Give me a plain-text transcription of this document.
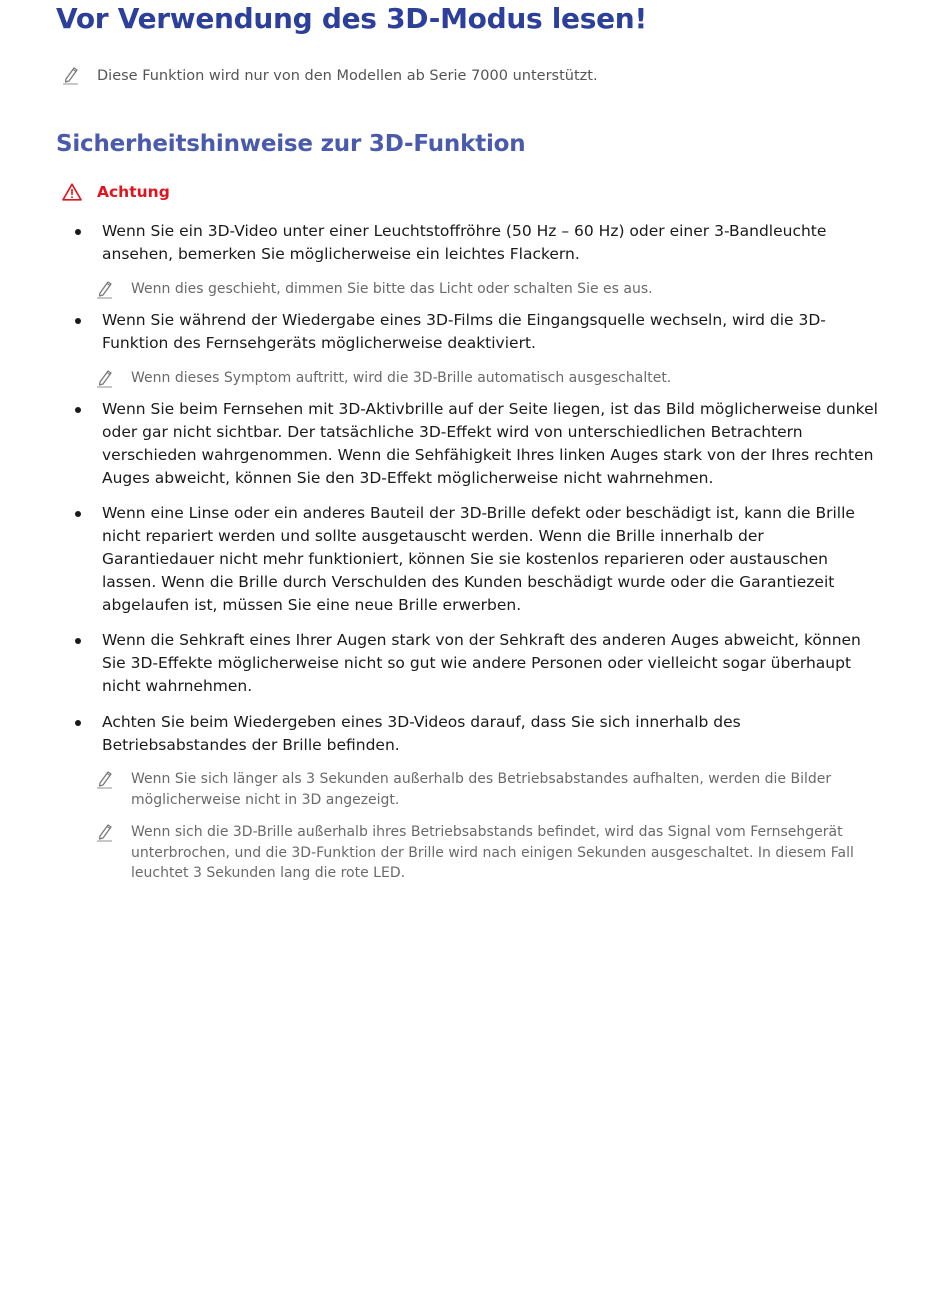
Vor Verwendung des 3D-Modus lesen!
Diese Funktion wird nur von den Modellen ab Serie 7000 unterstützt.
Sicherheitshinweise zur 3D-Funktion
Achtung
Wenn Sie ein 3D-Video unter einer Leuchtstoffröhre (50 Hz – 60 Hz) oder einer 3-Bandleuchte ansehen, bemerken Sie möglicherweise ein leichtes Flackern.
Wenn dies geschieht, dimmen Sie bitte das Licht oder schalten Sie es aus.
Wenn Sie während der Wiedergabe eines 3D-Films die Eingangsquelle wechseln, wird die 3D-Funktion des Fernsehgeräts möglicherweise deaktiviert.
Wenn dieses Symptom auftritt, wird die 3D-Brille automatisch ausgeschaltet.
Wenn Sie beim Fernsehen mit 3D-Aktivbrille auf der Seite liegen, ist das Bild möglicherweise dunkel oder gar nicht sichtbar. Der tatsächliche 3D-Effekt wird von unterschiedlichen Betrachtern verschieden wahrgenommen. Wenn die Sehfähigkeit Ihres linken Auges stark von der Ihres rechten Auges abweicht, können Sie den 3D-Effekt möglicherweise nicht wahrnehmen.
Wenn eine Linse oder ein anderes Bauteil der 3D-Brille defekt oder beschädigt ist, kann die Brille nicht repariert werden und sollte ausgetauscht werden. Wenn die Brille innerhalb der Garantiedauer nicht mehr funktioniert, können Sie sie kostenlos reparieren oder austauschen lassen. Wenn die Brille durch Verschulden des Kunden beschädigt wurde oder die Garantiezeit abgelaufen ist, müssen Sie eine neue Brille erwerben.
Wenn die Sehkraft eines Ihrer Augen stark von der Sehkraft des anderen Auges abweicht, können Sie 3D-Effekte möglicherweise nicht so gut wie andere Personen oder vielleicht sogar überhaupt nicht wahrnehmen.
Achten Sie beim Wiedergeben eines 3D-Videos darauf, dass Sie sich innerhalb des Betriebsabstandes der Brille befinden.
Wenn Sie sich länger als 3 Sekunden außerhalb des Betriebsabstandes aufhalten, werden die Bilder möglicherweise nicht in 3D angezeigt.
Wenn sich die 3D-Brille außerhalb ihres Betriebsabstands befindet, wird das Signal vom Fernsehgerät unterbrochen, und die 3D-Funktion der Brille wird nach einigen Sekunden ausgeschaltet. In diesem Fall leuchtet 3 Sekunden lang die rote LED.
